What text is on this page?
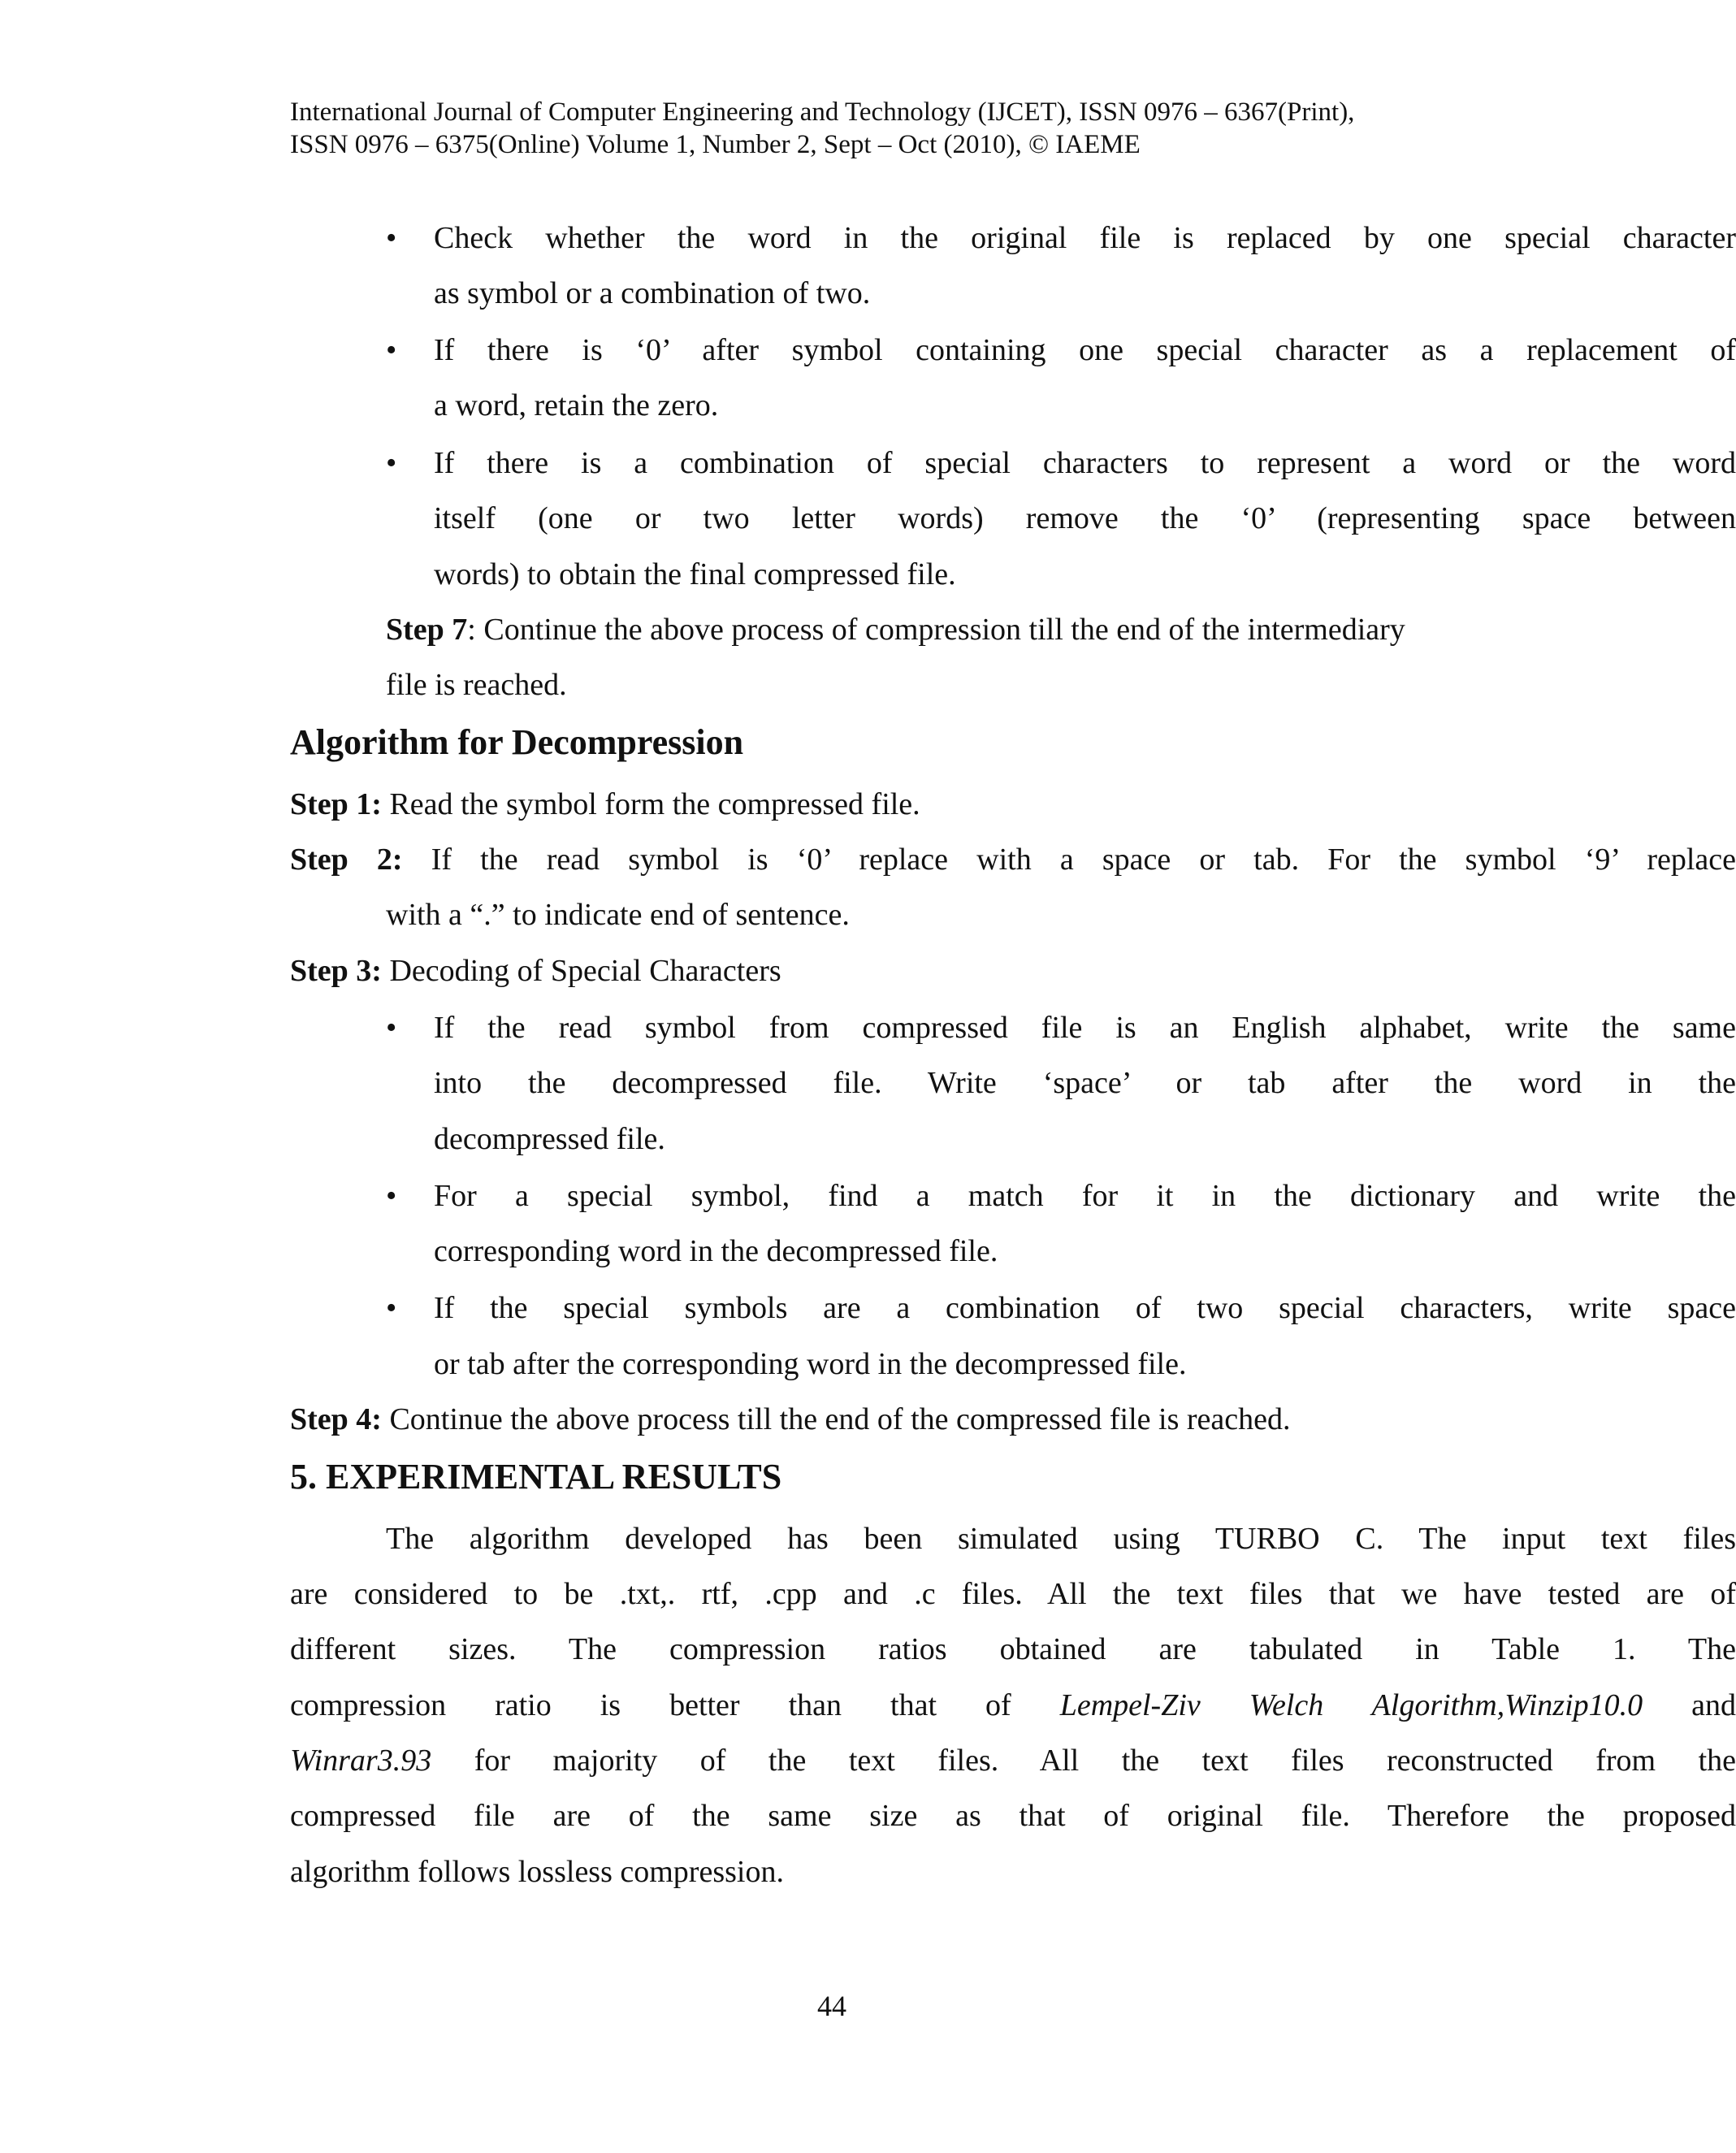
International Journal of Computer Engineering and Technology (IJCET), ISSN 0976 – 6367(Print),
ISSN 0976 – 6375(Online) Volume 1, Number 2, Sept – Oct (2010), © IAEME
• Check whether the word in the original file is replaced by one special character
as symbol or a combination of two.
• If there is ‘0’ after symbol containing one special character as a replacement of
a word, retain the zero.
• If there is a combination of special characters to represent a word or the word
itself (one or two letter words) remove the ‘0’ (representing space between
words) to obtain the final compressed file.
Step 7: Continue the above process of compression till the end of the intermediary
file is reached.
Algorithm for Decompression
Step 1: Read the symbol form the compressed file.
Step 2: If the read symbol is ‘0’ replace with a space or tab. For the symbol ‘9’ replace
with a “.” to indicate end of sentence.
Step 3: Decoding of Special Characters
• If the read symbol from compressed file is an English alphabet, write the same
into the decompressed file. Write ‘space’ or tab after the word in the
decompressed file.
• For a special symbol, find a match for it in the dictionary and write the
corresponding word in the decompressed file.
• If the special symbols are a combination of two special characters, write space
or tab after the corresponding word in the decompressed file.
Step 4: Continue the above process till the end of the compressed file is reached.
5. EXPERIMENTAL RESULTS
The algorithm developed has been simulated using TURBO C. The input text files
are considered to be .txt,. rtf, .cpp and .c files. All the text files that we have tested are of
different sizes. The compression ratios obtained are tabulated in Table 1. The
compression ratio is better than that of Lempel-Ziv Welch Algorithm,Winzip10.0 and
Winrar3.93 for majority of the text files. All the text files reconstructed from the
compressed file are of the same size as that of original file. Therefore the proposed
algorithm follows lossless compression.
44
